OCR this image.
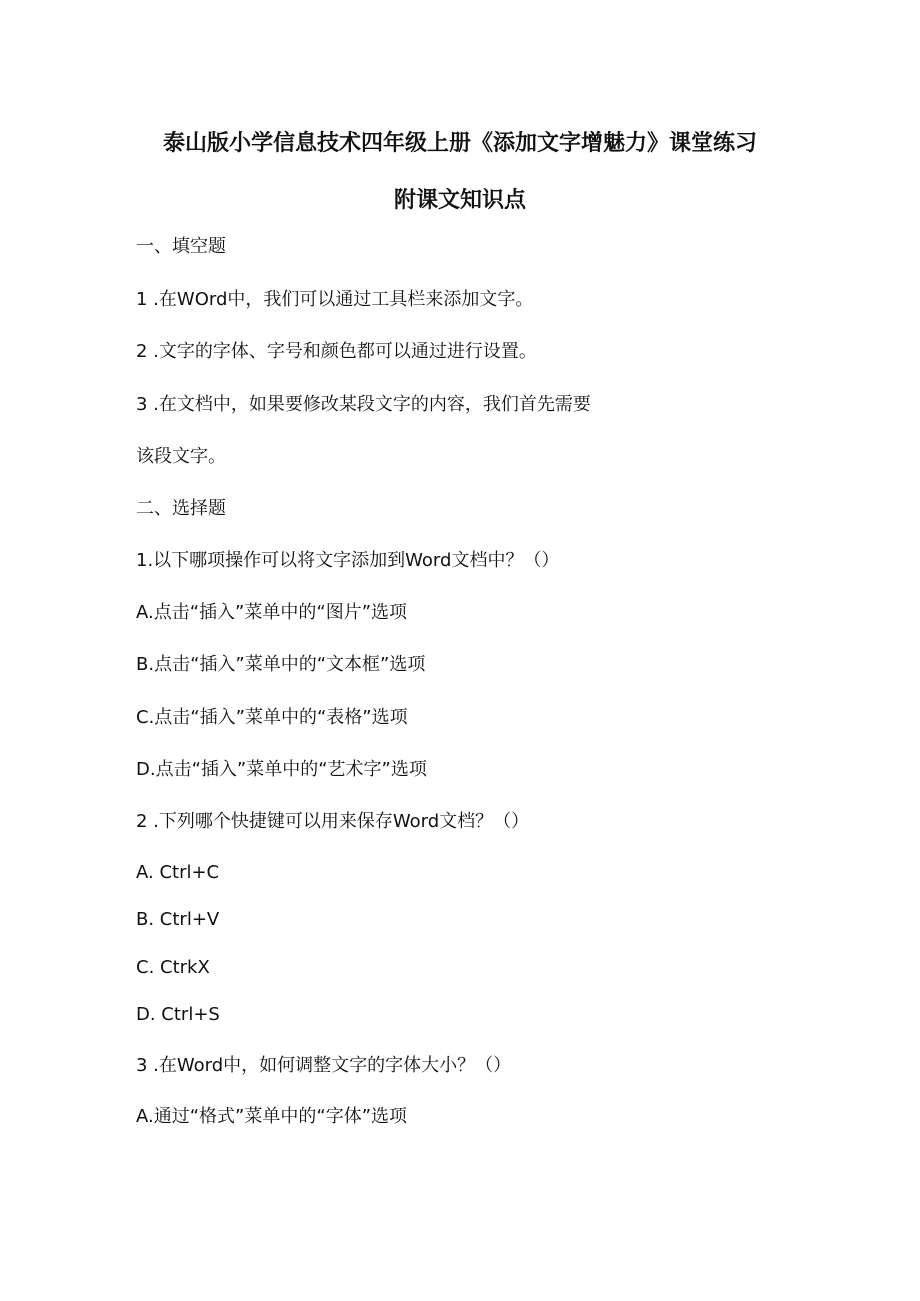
泰山版小学信息技术四年级上册《添加文字增魅力》课堂练习
附课文知识点
一、填空题
1 .在WOrd中，我们可以通过工具栏来添加文字。
2 .文字的字体、字号和颜色都可以通过进行设置。
3 .在文档中，如果要修改某段文字的内容，我们首先需要
该段文字。
二、选择题
1.以下哪项操作可以将文字添加到Word文档中？（）
A.点击“插入”菜单中的“图片”选项
B.点击“插入”菜单中的“文本框”选项
C.点击“插入”菜单中的“表格”选项
D.点击“插入”菜单中的“艺术字”选项
2 .下列哪个快捷键可以用来保存Word文档？（）
A. Ctrl+C
B. Ctrl+V
C. CtrkX
D. Ctrl+S
3 .在Word中，如何调整文字的字体大小？（）
A.通过“格式”菜单中的“字体”选项
